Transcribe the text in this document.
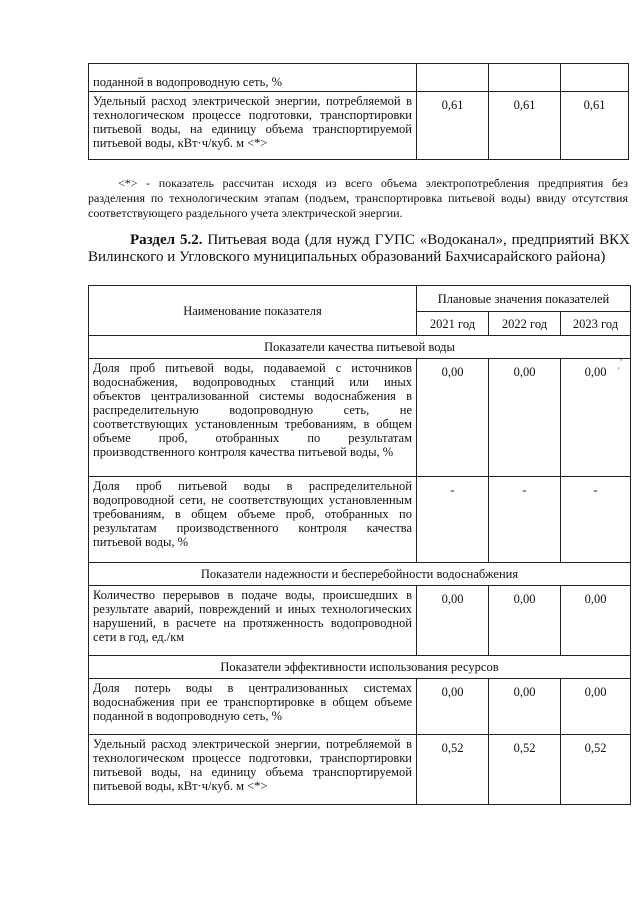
поданной в водопроводную сеть, %			
Удельный расход электрической энергии, потребляемой в технологическом процессе подготовки, транспортировки питьевой воды, на единицу объема транспортируемой питьевой воды, кВт·ч/куб. м <*>	0,61	0,61	0,61
<*> - показатель рассчитан исходя из всего объема электропотребления предприятия без разделения по технологическим этапам (подъем, транспортировка питьевой воды) ввиду отсутствия соответствующего раздельного учета электрической энергии.
Раздел 5.2. Питьевая вода (для нужд ГУПС «Водоканал», предприятий ВКХ Вилинского и Угловского муниципальных образований Бахчисарайского района)
Наименование показателя	Плановые значения показателей		
	2021 год	2022 год	2023 год
Показатели качества питьевой воды			
Доля проб питьевой воды, подаваемой с источников водоснабжения, водопроводных станций или иных объектов централизованной системы водоснабжения в распределительную водопроводную сеть, не соответствующих установленным требованиям, в общем объеме проб, отобранных по результатам производственного контроля качества питьевой воды, %	0,00	0,00	0,00
Доля проб питьевой воды в распределительной водопроводной сети, не соответствующих установленным требованиям, в общем объеме проб, отобранных по результатам производственного контроля качества питьевой воды, %	-	-	-
Показатели надежности и бесперебойности водоснабжения			
Количество перерывов в подаче воды, происшедших в результате аварий, повреждений и иных технологических нарушений, в расчете на протяженность водопроводной сети в год, ед./км	0,00	0,00	0,00
Показатели эффективности использования ресурсов			
Доля потерь воды в централизованных системах водоснабжения при ее транспортировке в общем объеме поданной в водопроводную сеть, %	0,00	0,00	0,00
Удельный расход электрической энергии, потребляемой в технологическом процессе подготовки, транспортировки питьевой воды, на единицу объема транспортируемой питьевой воды, кВт·ч/куб. м <*>	0,52	0,52	0,52
,
'
